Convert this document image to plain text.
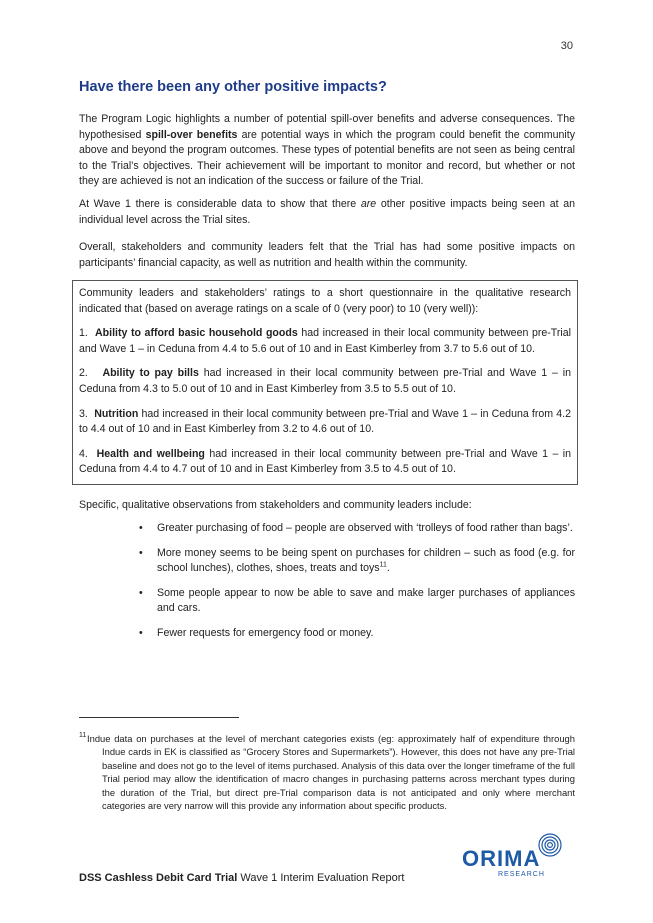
30
Have there been any other positive impacts?

The Program Logic highlights a number of potential spill-over benefits and adverse consequences. The hypothesised spill-over benefits are potential ways in which the program could benefit the community above and beyond the program outcomes. These types of potential benefits are not seen as being central to the Trial’s objectives. Their achievement will be important to monitor and record, but whether or not they are achieved is not an indication of the success or failure of the Trial.

At Wave 1 there is considerable data to show that there are other positive impacts being seen at an individual level across the Trial sites.

Overall, stakeholders and community leaders felt that the Trial has had some positive impacts on participants’ financial capacity, as well as nutrition and health within the community.

Community leaders and stakeholders’ ratings to a short questionnaire in the qualitative research indicated that (based on average ratings on a scale of 0 (very poor) to 10 (very well)):

1. Ability to afford basic household goods had increased in their local community between pre-Trial and Wave 1 – in Ceduna from 4.4 to 5.6 out of 10 and in East Kimberley from 3.7 to 5.6 out of 10.

2. Ability to pay bills had increased in their local community between pre-Trial and Wave 1 – in Ceduna from 4.3 to 5.0 out of 10 and in East Kimberley from 3.5 to 5.5 out of 10.

3. Nutrition had increased in their local community between pre-Trial and Wave 1 – in Ceduna from 4.2 to 4.4 out of 10 and in East Kimberley from 3.2 to 4.6 out of 10.

4. Health and wellbeing had increased in their local community between pre-Trial and Wave 1 – in Ceduna from 4.4 to 4.7 out of 10 and in East Kimberley from 3.5 to 4.5 out of 10.

Specific, qualitative observations from stakeholders and community leaders include:

• Greater purchasing of food – people are observed with ‘trolleys of food rather than bags’.
• More money seems to be being spent on purchases for children – such as food (e.g. for school lunches), clothes, shoes, treats and toys$^{11}$.
• Some people appear to now be able to save and make larger purchases of appliances and cars.
• Fewer requests for emergency food or money.
11 Indue data on purchases at the level of merchant categories exists (eg: approximately half of expenditure through Indue cards in EK is classified as “Grocery Stores and Supermarkets”). However, this does not have any pre-Trial baseline and does not go to the level of items purchased. Analysis of this data over the longer timeframe of the full Trial period may allow the identification of macro changes in purchasing patterns across merchant types during the duration of the Trial, but direct pre-Trial comparison data is not anticipated and only where merchant categories are very narrow will this provide any information about specific products.
DSS Cashless Debit Card Trial Wave 1 Interim Evaluation Report
ORIMA
RESEARCH
